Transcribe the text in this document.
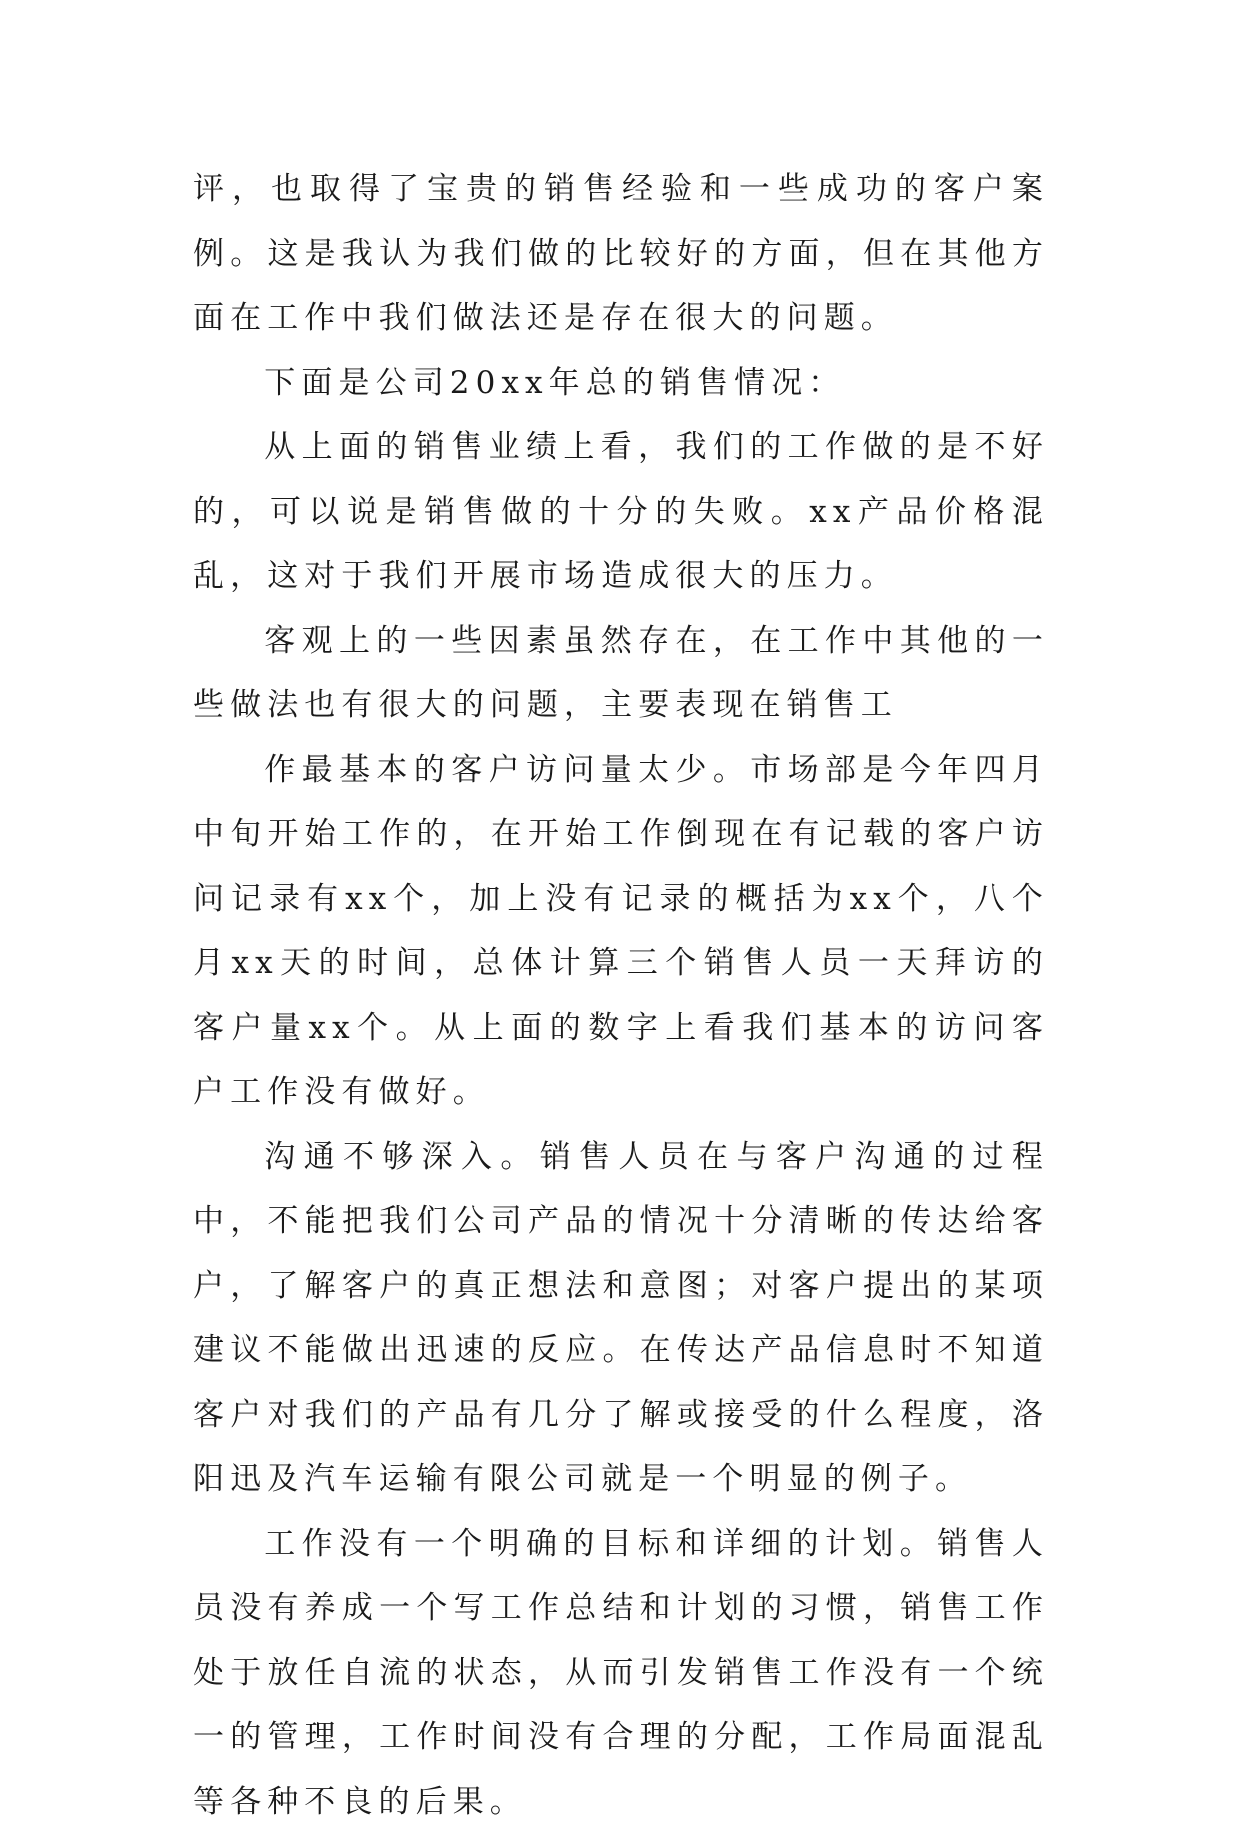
评，也取得了宝贵的销售经验和一些成功的客户案例。这是我认为我们做的比较好的方面，但在其他方面在工作中我们做法还是存在很大的问题。

下面是公司20xx年总的销售情况：

从上面的销售业绩上看，我们的工作做的是不好的，可以说是销售做的十分的失败。xx产品价格混乱，这对于我们开展市场造成很大的压力。

客观上的一些因素虽然存在，在工作中其他的一些做法也有很大的问题，主要表现在销售工

作最基本的客户访问量太少。市场部是今年四月中旬开始工作的，在开始工作倒现在有记载的客户访问记录有xx个，加上没有记录的概括为xx个，八个月xx天的时间，总体计算三个销售人员一天拜访的客户量xx个。从上面的数字上看我们基本的访问客户工作没有做好。

沟通不够深入。销售人员在与客户沟通的过程中，不能把我们公司产品的情况十分清晰的传达给客户，了解客户的真正想法和意图；对客户提出的某项建议不能做出迅速的反应。在传达产品信息时不知道客户对我们的产品有几分了解或接受的什么程度，洛阳迅及汽车运输有限公司就是一个明显的例子。

工作没有一个明确的目标和详细的计划。销售人员没有养成一个写工作总结和计划的习惯，销售工作处于放任自流的状态，从而引发销售工作没有一个统一的管理，工作时间没有合理的分配，工作局面混乱等各种不良的后果。
